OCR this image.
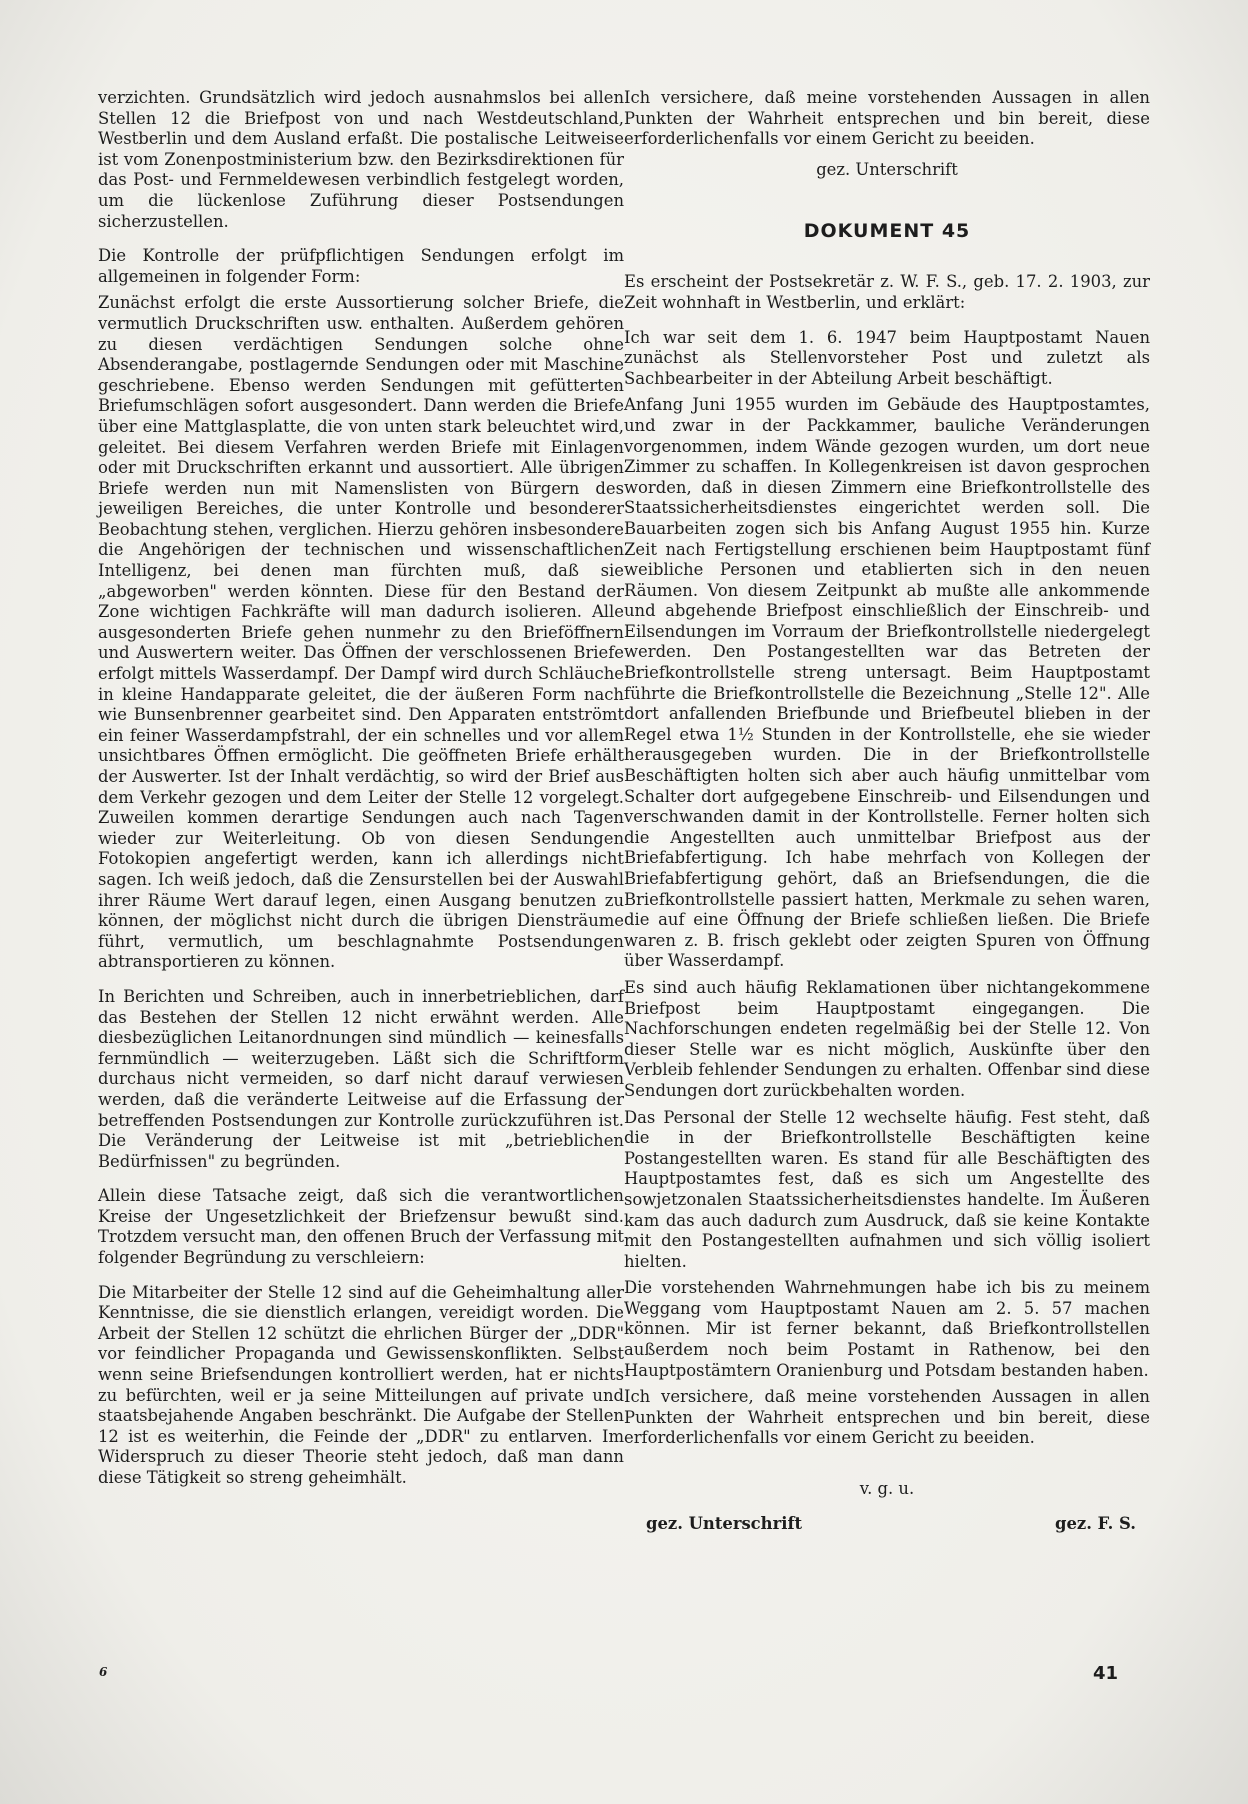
verzichten. Grundsätzlich wird jedoch ausnahmslos bei allen Stellen 12 die Briefpost von und nach Westdeutschland, Westberlin und dem Ausland erfaßt. Die postalische Leitweise ist vom Zonenpostministerium bzw. den Bezirksdirektionen für das Post- und Fernmeldewesen verbindlich festgelegt worden, um die lückenlose Zuführung dieser Postsendungen sicherzustellen.

Die Kontrolle der prüfpflichtigen Sendungen erfolgt im allgemeinen in folgender Form:

Zunächst erfolgt die erste Aussortierung solcher Briefe, die vermutlich Druckschriften usw. enthalten. Außerdem gehören zu diesen verdächtigen Sendungen solche ohne Absenderangabe, postlagernde Sendungen oder mit Maschine geschriebene. Ebenso werden Sendungen mit gefütterten Briefumschlägen sofort ausgesondert. Dann werden die Briefe über eine Mattglasplatte, die von unten stark beleuchtet wird, geleitet. Bei diesem Verfahren werden Briefe mit Einlagen oder mit Druckschriften erkannt und aussortiert. Alle übrigen Briefe werden nun mit Namenslisten von Bürgern des jeweiligen Bereiches, die unter Kontrolle und besonderer Beobachtung stehen, verglichen. Hierzu gehören insbesondere die Angehörigen der technischen und wissenschaftlichen Intelligenz, bei denen man fürchten muß, daß sie „abgeworben" werden könnten. Diese für den Bestand der Zone wichtigen Fachkräfte will man dadurch isolieren. Alle ausgesonderten Briefe gehen nunmehr zu den Brieföffnern und Auswertern weiter. Das Öffnen der verschlossenen Briefe erfolgt mittels Wasserdampf. Der Dampf wird durch Schläuche in kleine Handapparate geleitet, die der äußeren Form nach wie Bunsenbrenner gearbeitet sind. Den Apparaten entströmt ein feiner Wasserdampfstrahl, der ein schnelles und vor allem unsichtbares Öffnen ermöglicht. Die geöffneten Briefe erhält der Auswerter. Ist der Inhalt verdächtig, so wird der Brief aus dem Verkehr gezogen und dem Leiter der Stelle 12 vorgelegt. Zuweilen kommen derartige Sendungen auch nach Tagen wieder zur Weiterleitung. Ob von diesen Sendungen Fotokopien angefertigt werden, kann ich allerdings nicht sagen. Ich weiß jedoch, daß die Zensurstellen bei der Auswahl ihrer Räume Wert darauf legen, einen Ausgang benutzen zu können, der möglichst nicht durch die übrigen Diensträume führt, vermutlich, um beschlagnahmte Postsendungen abtransportieren zu können.

In Berichten und Schreiben, auch in innerbetrieblichen, darf das Bestehen der Stellen 12 nicht erwähnt werden. Alle diesbezüglichen Leitanordnungen sind mündlich — keinesfalls fernmündlich — weiterzugeben. Läßt sich die Schriftform durchaus nicht vermeiden, so darf nicht darauf verwiesen werden, daß die veränderte Leitweise auf die Erfassung der betreffenden Postsendungen zur Kontrolle zurückzuführen ist. Die Veränderung der Leitweise ist mit „betrieblichen Bedürfnissen" zu begründen.

Allein diese Tatsache zeigt, daß sich die verantwortlichen Kreise der Ungesetzlichkeit der Briefzensur bewußt sind. Trotzdem versucht man, den offenen Bruch der Verfassung mit folgender Begründung zu verschleiern:

Die Mitarbeiter der Stelle 12 sind auf die Geheimhaltung aller Kenntnisse, die sie dienstlich erlangen, vereidigt worden. Die Arbeit der Stellen 12 schützt die ehrlichen Bürger der „DDR" vor feindlicher Propaganda und Gewissenskonflikten. Selbst wenn seine Briefsendungen kontrolliert werden, hat er nichts zu befürchten, weil er ja seine Mitteilungen auf private und staatsbejahende Angaben beschränkt. Die Aufgabe der Stellen 12 ist es weiterhin, die Feinde der „DDR" zu entlarven. Im Widerspruch zu dieser Theorie steht jedoch, daß man dann diese Tätigkeit so streng geheimhält.

Ich versichere, daß meine vorstehenden Aussagen in allen Punkten der Wahrheit entsprechen und bin bereit, diese erforderlichenfalls vor einem Gericht zu beeiden.

gez. Unterschrift

DOKUMENT 45

Es erscheint der Postsekretär z. W. F. S., geb. 17. 2. 1903, zur Zeit wohnhaft in Westberlin, und erklärt:

Ich war seit dem 1. 6. 1947 beim Hauptpostamt Nauen zunächst als Stellenvorsteher Post und zuletzt als Sachbearbeiter in der Abteilung Arbeit beschäftigt.

Anfang Juni 1955 wurden im Gebäude des Hauptpostamtes, und zwar in der Packkammer, bauliche Veränderungen vorgenommen, indem Wände gezogen wurden, um dort neue Zimmer zu schaffen. In Kollegenkreisen ist davon gesprochen worden, daß in diesen Zimmern eine Briefkontrollstelle des Staatssicherheitsdienstes eingerichtet werden soll. Die Bauarbeiten zogen sich bis Anfang August 1955 hin. Kurze Zeit nach Fertigstellung erschienen beim Hauptpostamt fünf weibliche Personen und etablierten sich in den neuen Räumen. Von diesem Zeitpunkt ab mußte alle ankommende und abgehende Briefpost einschließlich der Einschreib- und Eilsendungen im Vorraum der Briefkontrollstelle niedergelegt werden. Den Postangestellten war das Betreten der Briefkontrollstelle streng untersagt. Beim Hauptpostamt führte die Briefkontrollstelle die Bezeichnung „Stelle 12". Alle dort anfallenden Briefbunde und Briefbeutel blieben in der Regel etwa 1½ Stunden in der Kontrollstelle, ehe sie wieder herausgegeben wurden. Die in der Briefkontrollstelle Beschäftigten holten sich aber auch häufig unmittelbar vom Schalter dort aufgegebene Einschreib- und Eilsendungen und verschwanden damit in der Kontrollstelle. Ferner holten sich die Angestellten auch unmittelbar Briefpost aus der Briefabfertigung. Ich habe mehrfach von Kollegen der Briefabfertigung gehört, daß an Briefsendungen, die die Briefkontrollstelle passiert hatten, Merkmale zu sehen waren, die auf eine Öffnung der Briefe schließen ließen. Die Briefe waren z. B. frisch geklebt oder zeigten Spuren von Öffnung über Wasserdampf.

Es sind auch häufig Reklamationen über nichtangekommene Briefpost beim Hauptpostamt eingegangen. Die Nachforschungen endeten regelmäßig bei der Stelle 12. Von dieser Stelle war es nicht möglich, Auskünfte über den Verbleib fehlender Sendungen zu erhalten. Offenbar sind diese Sendungen dort zurückbehalten worden.

Das Personal der Stelle 12 wechselte häufig. Fest steht, daß die in der Briefkontrollstelle Beschäftigten keine Postangestellten waren. Es stand für alle Beschäftigten des Hauptpostamtes fest, daß es sich um Angestellte des sowjetzonalen Staatssicherheitsdienstes handelte. Im Äußeren kam das auch dadurch zum Ausdruck, daß sie keine Kontakte mit den Postangestellten aufnahmen und sich völlig isoliert hielten.

Die vorstehenden Wahrnehmungen habe ich bis zu meinem Weggang vom Hauptpostamt Nauen am 2. 5. 57 machen können. Mir ist ferner bekannt, daß Briefkontrollstellen außerdem noch beim Postamt in Rathenow, bei den Hauptpostämtern Oranienburg und Potsdam bestanden haben.

Ich versichere, daß meine vorstehenden Aussagen in allen Punkten der Wahrheit entsprechen und bin bereit, diese erforderlichenfalls vor einem Gericht zu beeiden.

v. g. u.
gez. Unterschrift	gez. F. S.
6	41
